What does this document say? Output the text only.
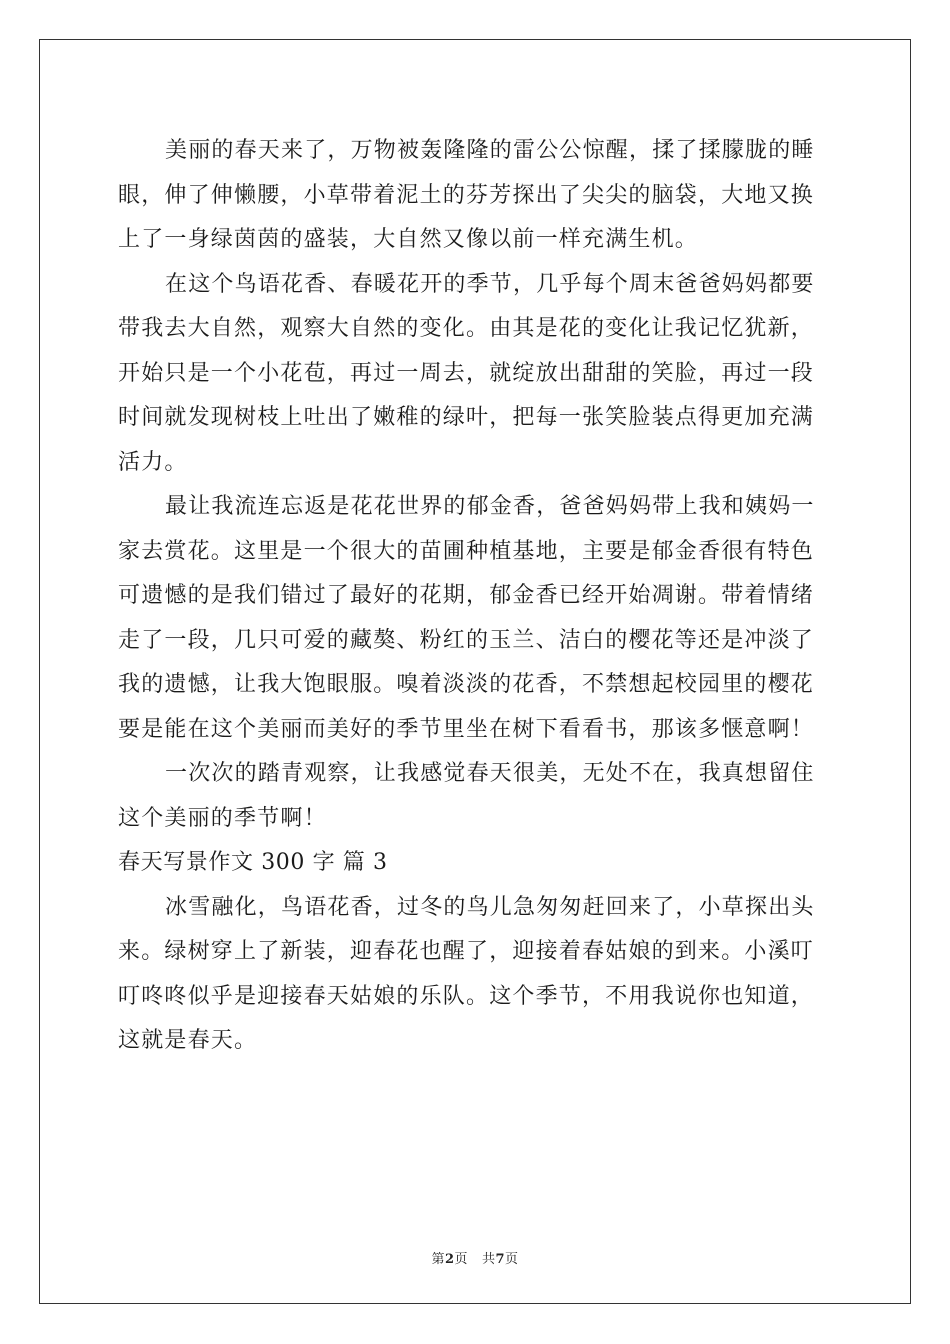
美丽的春天来了，万物被轰隆隆的雷公公惊醒，揉了揉朦胧的睡
眼，伸了伸懒腰，小草带着泥土的芬芳探出了尖尖的脑袋，大地又换
上了一身绿茵茵的盛装，大自然又像以前一样充满生机。
在这个鸟语花香、春暖花开的季节，几乎每个周末爸爸妈妈都要
带我去大自然，观察大自然的变化。由其是花的变化让我记忆犹新，
开始只是一个小花苞，再过一周去，就绽放出甜甜的笑脸，再过一段
时间就发现树枝上吐出了嫩稚的绿叶，把每一张笑脸装点得更加充满
活力。
最让我流连忘返是花花世界的郁金香，爸爸妈妈带上我和姨妈一
家去赏花。这里是一个很大的苗圃种植基地，主要是郁金香很有特色
可遗憾的是我们错过了最好的花期，郁金香已经开始凋谢。带着情绪
走了一段，几只可爱的藏獒、粉红的玉兰、洁白的樱花等还是冲淡了
我的遗憾，让我大饱眼服。嗅着淡淡的花香，不禁想起校园里的樱花
要是能在这个美丽而美好的季节里坐在树下看看书，那该多惬意啊！
一次次的踏青观察，让我感觉春天很美，无处不在，我真想留住
这个美丽的季节啊！
春天写景作文 300 字 篇 3
冰雪融化，鸟语花香，过冬的鸟儿急匆匆赶回来了，小草探出头
来。绿树穿上了新装，迎春花也醒了，迎接着春姑娘的到来。小溪叮
叮咚咚似乎是迎接春天姑娘的乐队。这个季节，不用我说你也知道，
这就是春天。
第2页 共7页
